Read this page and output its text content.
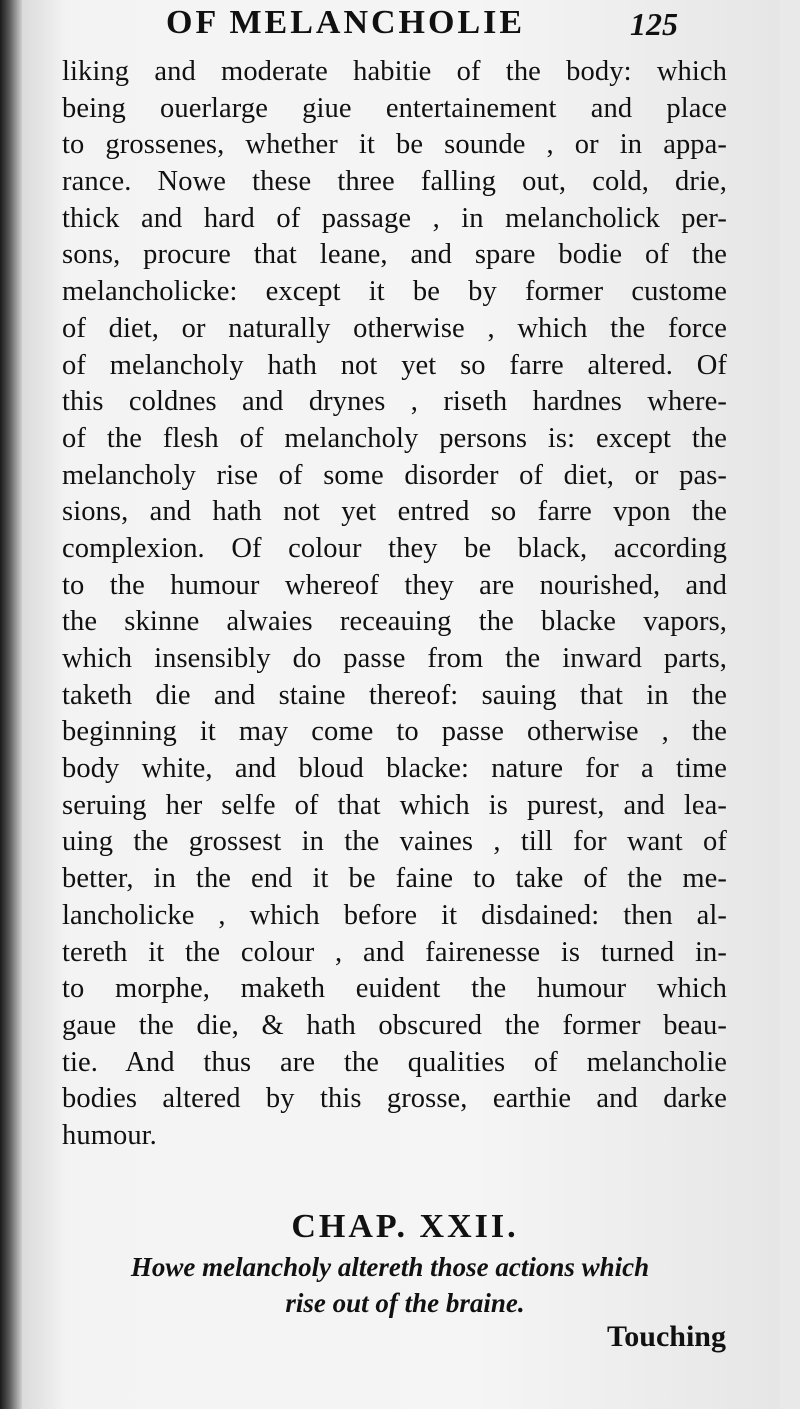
OF MELANCHOLIE	125
liking and moderate habitie of the body: which
being ouerlarge giue entertainement and place
to grossenes, whether it be sounde , or in appa-
rance. Nowe these three falling out, cold, drie,
thick and hard of passage , in melancholick per-
sons, procure that leane, and spare bodie of the
melancholicke: except it be by former custome
of diet, or naturally otherwise , which the force
of melancholy hath not yet so farre altered. Of
this coldnes and drynes , riseth hardnes where-
of the flesh of melancholy persons is: except the
melancholy rise of some disorder of diet, or pas-
sions, and hath not yet entred so farre vpon the
complexion. Of colour they be black, according
to the humour whereof they are nourished, and
the skinne alwaies receauing the blacke vapors,
which insensibly do passe from the inward parts,
taketh die and staine thereof: sauing that in the
beginning it may come to passe otherwise , the
body white, and bloud blacke: nature for a time
seruing her selfe of that which is purest, and lea-
uing the grossest in the vaines , till for want of
better, in the end it be faine to take of the me-
lancholicke , which before it disdained: then al-
tereth it the colour , and fairenesse is turned in-
to morphe, maketh euident the humour which
gaue the die, & hath obscured the former beau-
tie. And thus are the qualities of melancholie
bodies altered by this grosse, earthie and darke
humour.
CHAP. XXII.
Howe melancholy altereth those actions which
rise out of the braine.
Touching
